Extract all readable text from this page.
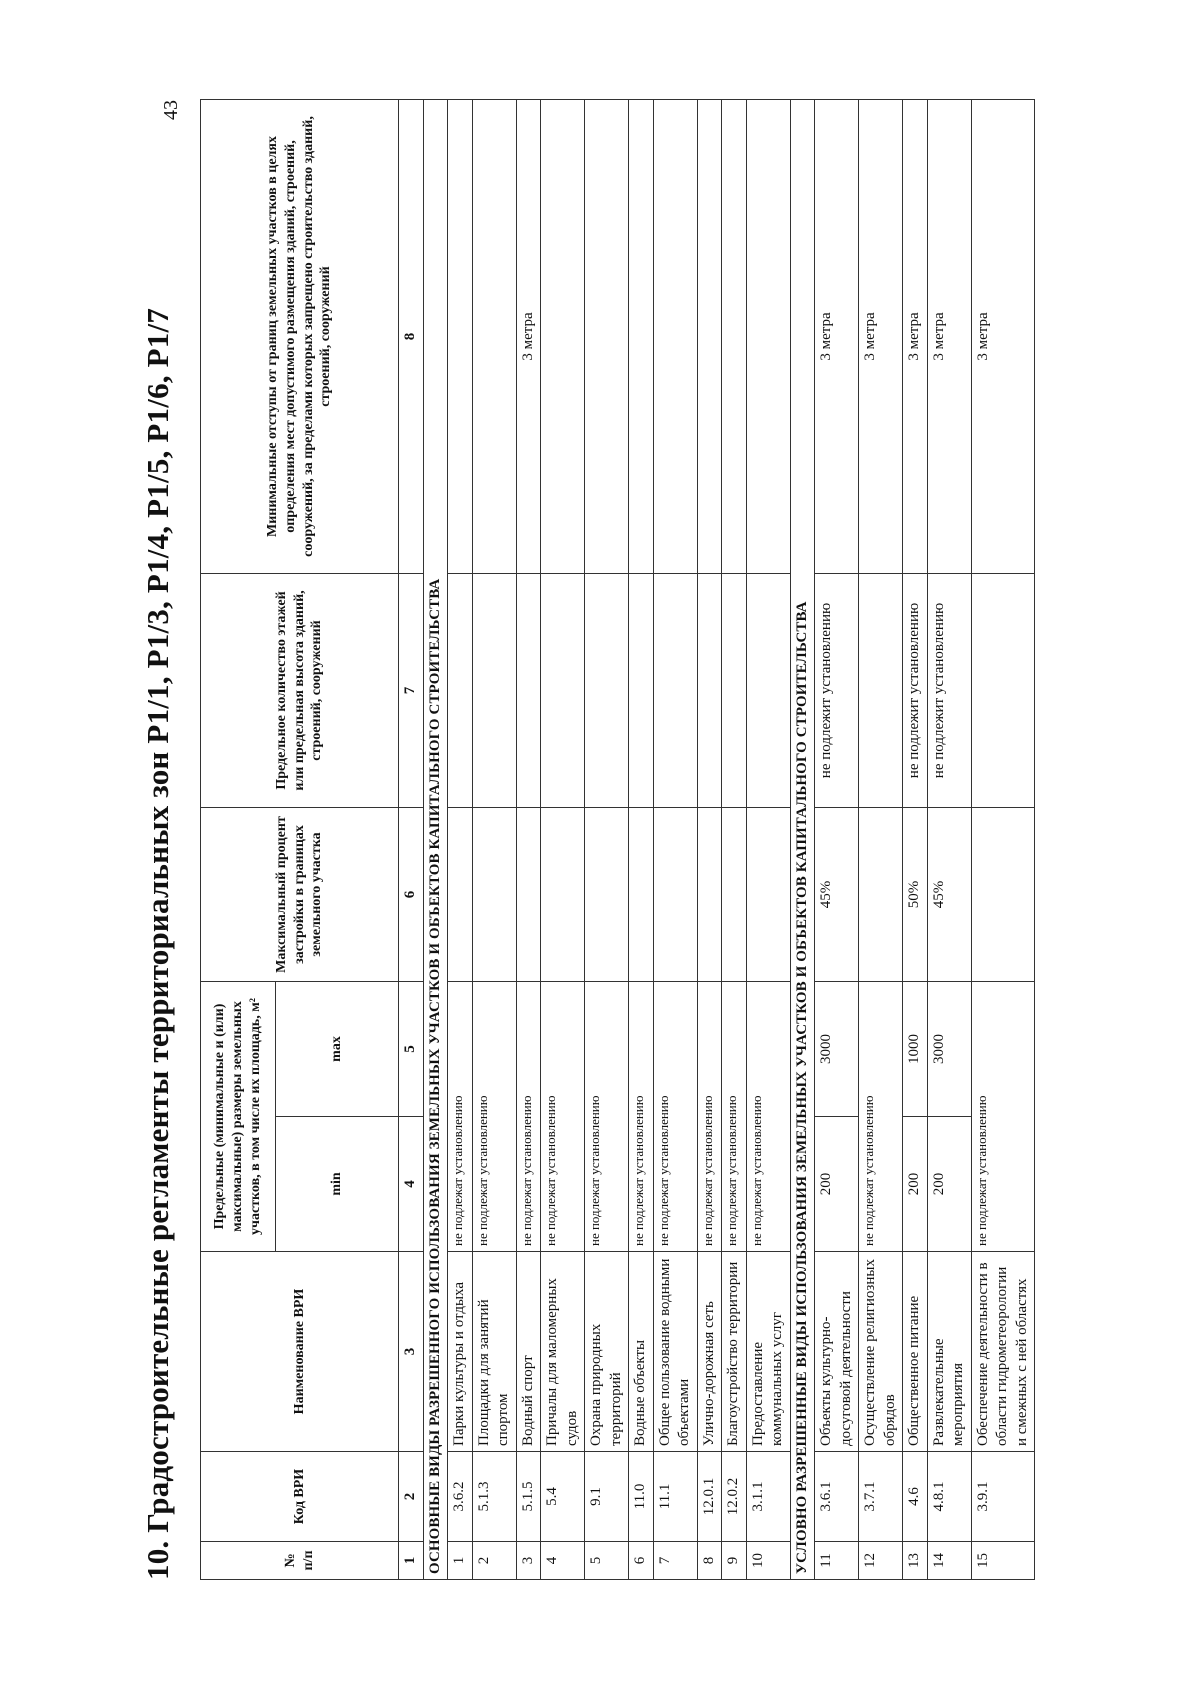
43
10. Градостроительные регламенты территориальных зон Р1/1, Р1/3, Р1/4, Р1/5, Р1/6, Р1/7	№ п/п	Код ВРИ	Наименование ВРИ	Предельные (минимальные и (или) максимальные) размеры земельных участков, в том числе их площадь, м²		Максимальный процент застройки в границах земельного участка	Предельное количество этажей или предельная высота зданий, строений, сооружений	Минимальные отступы от границ земельных участков в целях определения мест допустимого размещения зданий, строений, сооружений, за пределами которых запрещено строительство зданий, строений, сооружений
			min	max			
1	2	3	4	5	6	7	8
ОСНОВНЫЕ ВИДЫ РАЗРЕШЕННОГО ИСПОЛЬЗОВАНИЯ ЗЕМЕЛЬНЫХ УЧАСТКОВ И ОБЪЕКТОВ КАПИТАЛЬНОГО СТРОИТЕЛЬСТВА							
1	3.6.2	Парки культуры и отдыха	не подлежат установлению				
2	5.1.3	Площадки для занятий спортом	не подлежат установлению				
3	5.1.5	Водный спорт	не подлежат установлению				3 метра
4	5.4	Причалы для маломерных судов	не подлежат установлению				
5	9.1	Охрана природных территорий	не подлежат установлению				
6	11.0	Водные объекты	не подлежат установлению				
7	11.1	Общее пользование водными объектами	не подлежат установлению				
8	12.0.1	Улично-дорожная сеть	не подлежат установлению				
9	12.0.2	Благоустройство территории	не подлежат установлению				
10	3.1.1	Предоставление коммунальных услуг	не подлежат установлению				
УСЛОВНО РАЗРЕШЕННЫЕ ВИДЫ ИСПОЛЬЗОВАНИЯ ЗЕМЕЛЬНЫХ УЧАСТКОВ И ОБЪЕКТОВ КАПИТАЛЬНОГО СТРОИТЕЛЬСТВА							
11	3.6.1	Объекты культурно-досуговой деятельности	200	3000	45%	не подлежит установлению	3 метра
12	3.7.1	Осуществление религиозных обрядов	не подлежат установлению				3 метра
13	4.6	Общественное питание	200	1000	50%	не подлежит установлению	3 метра
14	4.8.1	Развлекательные мероприятия	200	3000	45%	не подлежит установлению	3 метра
15	3.9.1	Обеспечение деятельности в области гидрометеорологии и смежных с ней областях	не подлежат установлению				3 метра
